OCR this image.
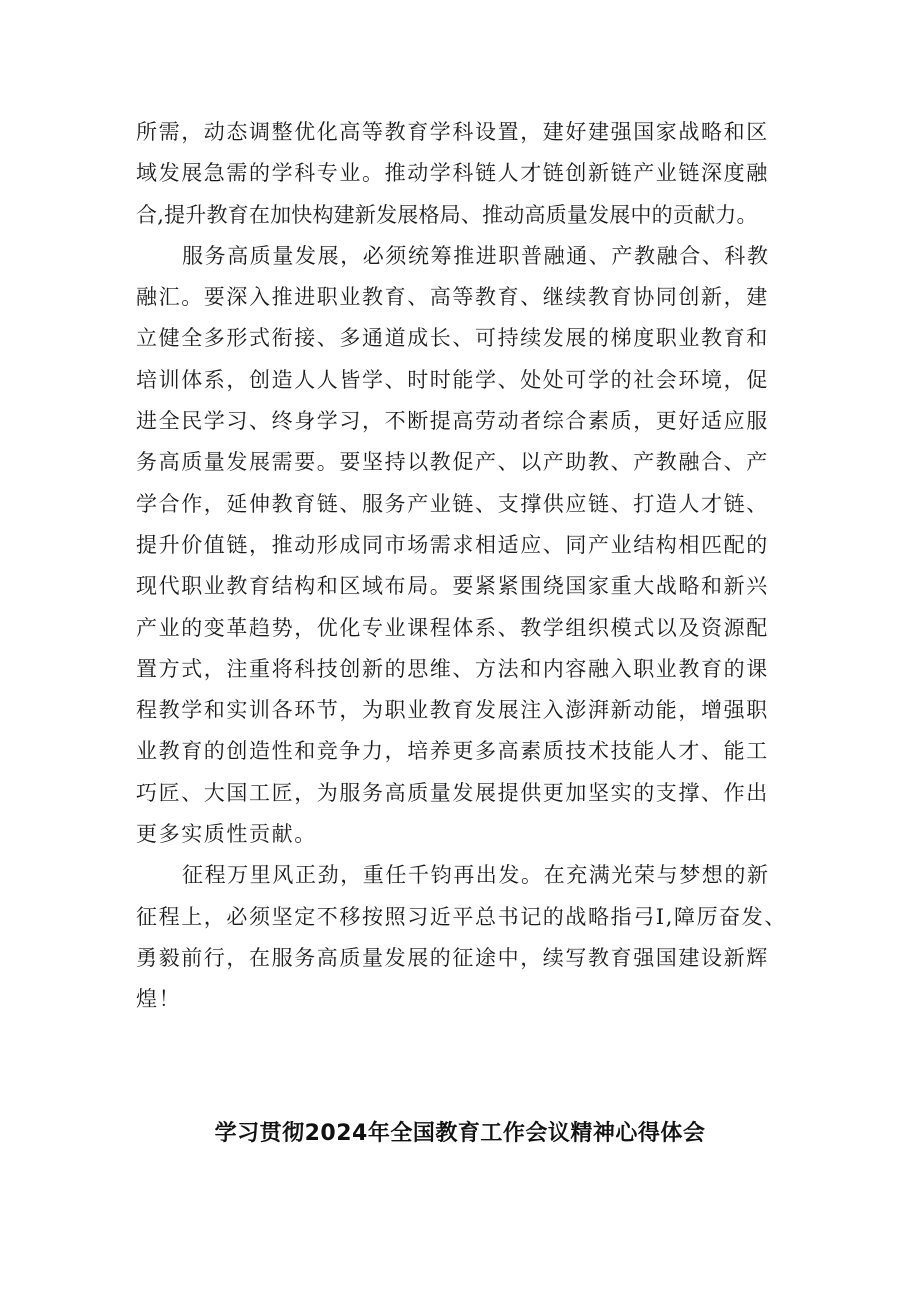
所需，动态调整优化高等教育学科设置，建好建强国家战略和区
域发展急需的学科专业。推动学科链人才链创新链产业链深度融
合,提升教育在加快构建新发展格局、推动高质量发展中的贡献力。
服务高质量发展，必须统筹推进职普融通、产教融合、科教
融汇。要深入推进职业教育、高等教育、继续教育协同创新，建
立健全多形式衔接、多通道成长、可持续发展的梯度职业教育和
培训体系，创造人人皆学、时时能学、处处可学的社会环境，促
进全民学习、终身学习，不断提高劳动者综合素质，更好适应服
务高质量发展需要。要坚持以教促产、以产助教、产教融合、产
学合作，延伸教育链、服务产业链、支撑供应链、打造人才链、
提升价值链，推动形成同市场需求相适应、同产业结构相匹配的
现代职业教育结构和区域布局。要紧紧围绕国家重大战略和新兴
产业的变革趋势，优化专业课程体系、教学组织模式以及资源配
置方式，注重将科技创新的思维、方法和内容融入职业教育的课
程教学和实训各环节，为职业教育发展注入澎湃新动能，增强职
业教育的创造性和竞争力，培养更多高素质技术技能人才、能工
巧匠、大国工匠，为服务高质量发展提供更加坚实的支撑、作出
更多实质性贡献。
征程万里风正劲，重任千钧再出发。在充满光荣与梦想的新
征程上，必须坚定不移按照习近平总书记的战略指弓I,障厉奋发、
勇毅前行，在服务高质量发展的征途中，续写教育强国建设新辉
煌！
学习贯彻2024年全国教育工作会议精神心得体会
